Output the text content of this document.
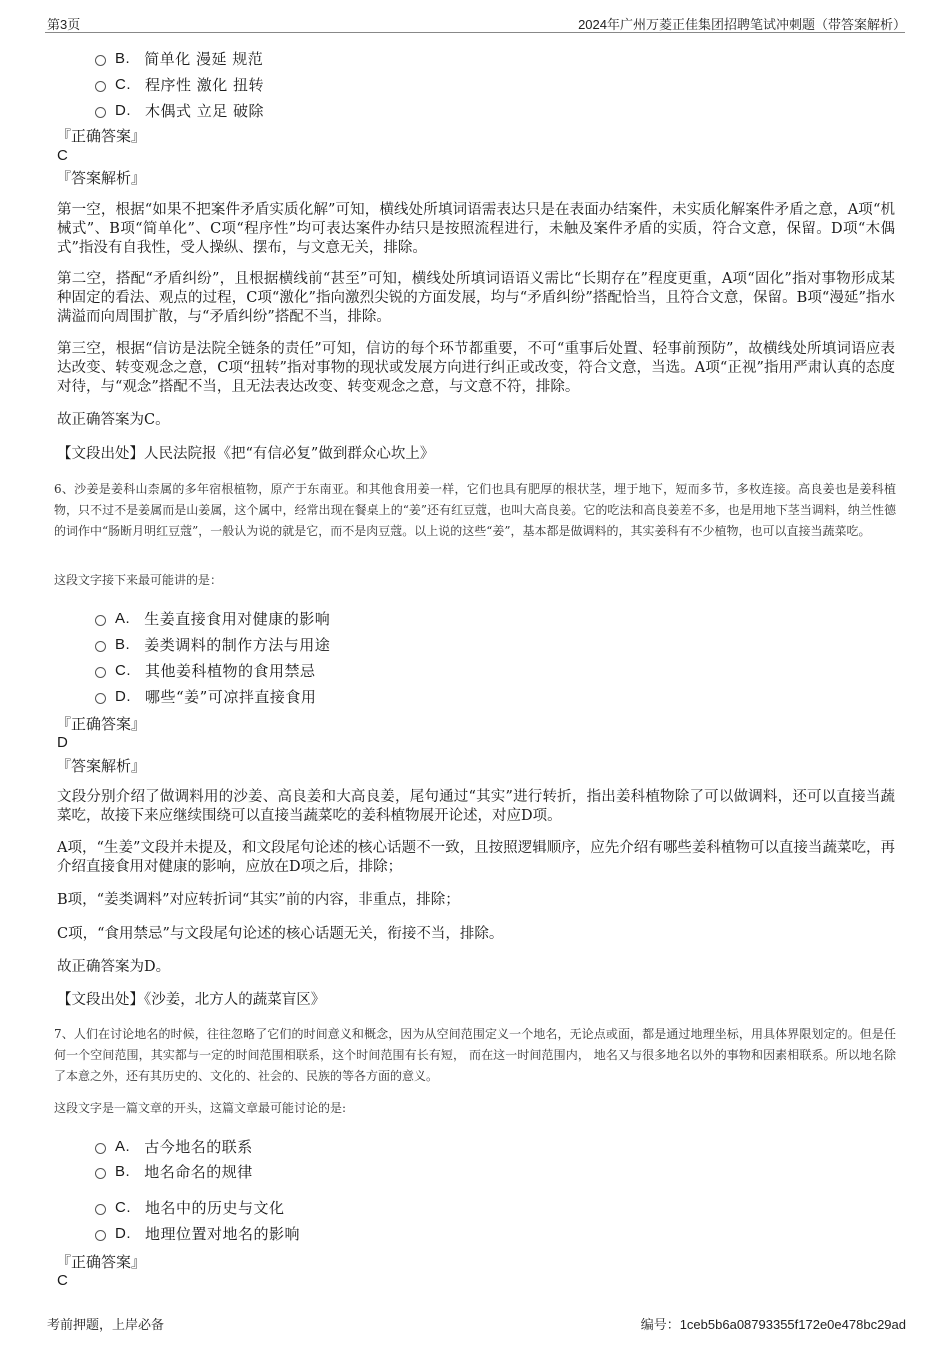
第3页	2024年广州万菱正佳集团招聘笔试冲刺题（带答案解析）
B. 简单化 漫延 规范
C. 程序性 激化 扭转
D. 木偶式 立足 破除
『正确答案』
C
『答案解析』

第一空，根据“如果不把案件矛盾实质化解”可知，横线处所填词语需表达只是在表面办结案件，未实质化解案件矛盾之意，A项“机械式”、B项“简单化”、C项“程序性”均可表达案件办结只是按照流程进行，未触及案件矛盾的实质，符合文意，保留。D项“木偶式”指没有自我性，受人操纵、摆布，与文意无关，排除。

第二空，搭配“矛盾纠纷”，且根据横线前“甚至”可知，横线处所填词语语义需比“长期存在”程度更重，A项“固化”指对事物形成某种固定的看法、观点的过程，C项“激化”指向激烈尖锐的方面发展，均与“矛盾纠纷”搭配恰当，且符合文意，保留。B项“漫延”指水满溢而向周围扩散，与“矛盾纠纷”搭配不当，排除。

第三空，根据“信访是法院全链条的责任”可知，信访的每个环节都重要，不可“重事后处置、轻事前预防”，故横线处所填词语应表达改变、转变观念之意，C项“扭转”指对事物的现状或发展方向进行纠正或改变，符合文意，当选。A项“正视”指用严肃认真的态度对待，与“观念”搭配不当，且无法表达改变、转变观念之意，与文意不符，排除。

故正确答案为C。

【文段出处】人民法院报《把“有信必复”做到群众心坎上》

6、沙姜是姜科山柰属的多年宿根植物，原产于东南亚。和其他食用姜一样，它们也具有肥厚的根状茎，埋于地下，短而多节，多枚连接。高良姜也是姜科植物，只不过不是姜属而是山姜属，这个属中，经常出现在餐桌上的“姜”还有红豆蔻，也叫大高良姜。它的吃法和高良姜差不多，也是用地下茎当调料，纳兰性德的词作中“肠断月明红豆蔻”，一般认为说的就是它，而不是肉豆蔻。以上说的这些“姜”，基本都是做调料的，其实姜科有不少植物，也可以直接当蔬菜吃。

这段文字接下来最可能讲的是：

A. 生姜直接食用对健康的影响
B. 姜类调料的制作方法与用途
C. 其他姜科植物的食用禁忌
D. 哪些“姜”可凉拌直接食用
『正确答案』
D
『答案解析』

文段分别介绍了做调料用的沙姜、高良姜和大高良姜，尾句通过“其实”进行转折，指出姜科植物除了可以做调料，还可以直接当蔬菜吃，故接下来应继续围绕可以直接当蔬菜吃的姜科植物展开论述，对应D项。

A项，“生姜”文段并未提及，和文段尾句论述的核心话题不一致，且按照逻辑顺序，应先介绍有哪些姜科植物可以直接当蔬菜吃，再介绍直接食用对健康的影响，应放在D项之后，排除；

B项，“姜类调料”对应转折词“其实”前的内容，非重点，排除；

C项，“食用禁忌”与文段尾句论述的核心话题无关，衔接不当，排除。

故正确答案为D。

【文段出处】《沙姜，北方人的蔬菜盲区》

7、人们在讨论地名的时候，往往忽略了它们的时间意义和概念，因为从空间范围定义一个地名，无论点或面，都是通过地理坐标，用具体界限划定的。但是任何一个空间范围，其实都与一定的时间范围相联系，这个时间范围有长有短， 而在这一时间范围内， 地名又与很多地名以外的事物和因素相联系。所以地名除了本意之外，还有其历史的、文化的、社会的、民族的等各方面的意义。

这段文字是一篇文章的开头，这篇文章最可能讨论的是:

A. 古今地名的联系
B. 地名命名的规律
C. 地名中的历史与文化
D. 地理位置对地名的影响
『正确答案』
C
考前押题，上岸必备	编号：1ceb5b6a08793355f172e0e478bc29ad
